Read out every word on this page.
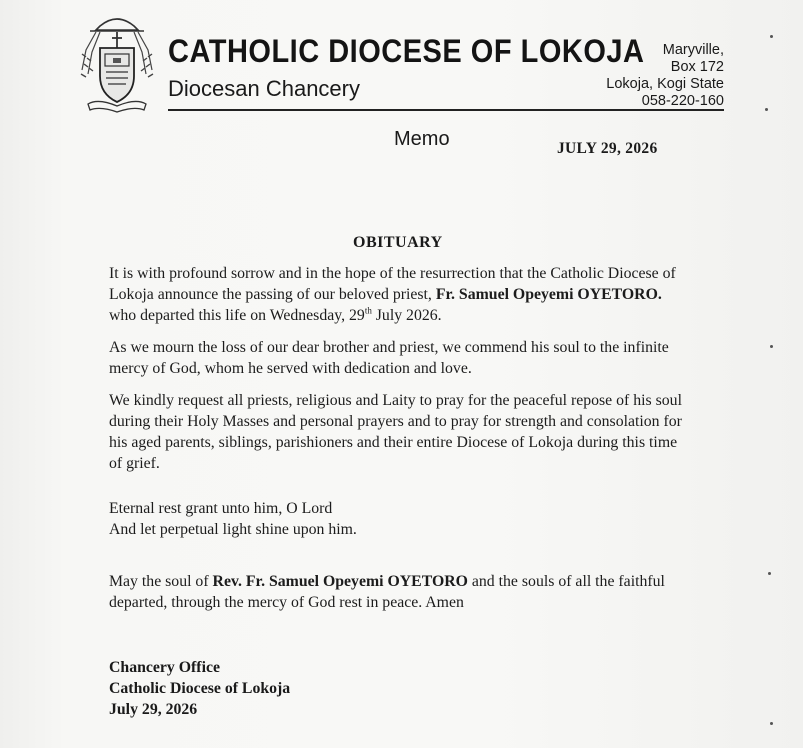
CATHOLIC DIOCESE OF LOKOJA
Diocesan Chancery
Maryville,
Box 172
Lokoja, Kogi State
058-220-160
Memo	JULY 29, 2026
OBITUARY
It is with profound sorrow and in the hope of the resurrection that the Catholic Diocese of
Lokoja announce the passing of our beloved priest, Fr. Samuel Opeyemi OYETORO.
who departed this life on Wednesday, 29th July 2026.
As we mourn the loss of our dear brother and priest, we commend his soul to the infinite
mercy of God, whom he served with dedication and love.
We kindly request all priests, religious and Laity to pray for the peaceful repose of his soul
during their Holy Masses and personal prayers and to pray for strength and consolation for
his aged parents, siblings, parishioners and their entire Diocese of Lokoja during this time
of grief.
Eternal rest grant unto him, O Lord
And let perpetual light shine upon him.
May the soul of Rev. Fr. Samuel Opeyemi OYETORO and the souls of all the faithful
departed, through the mercy of God rest in peace. Amen
Chancery Office
Catholic Diocese of Lokoja
July 29, 2026
